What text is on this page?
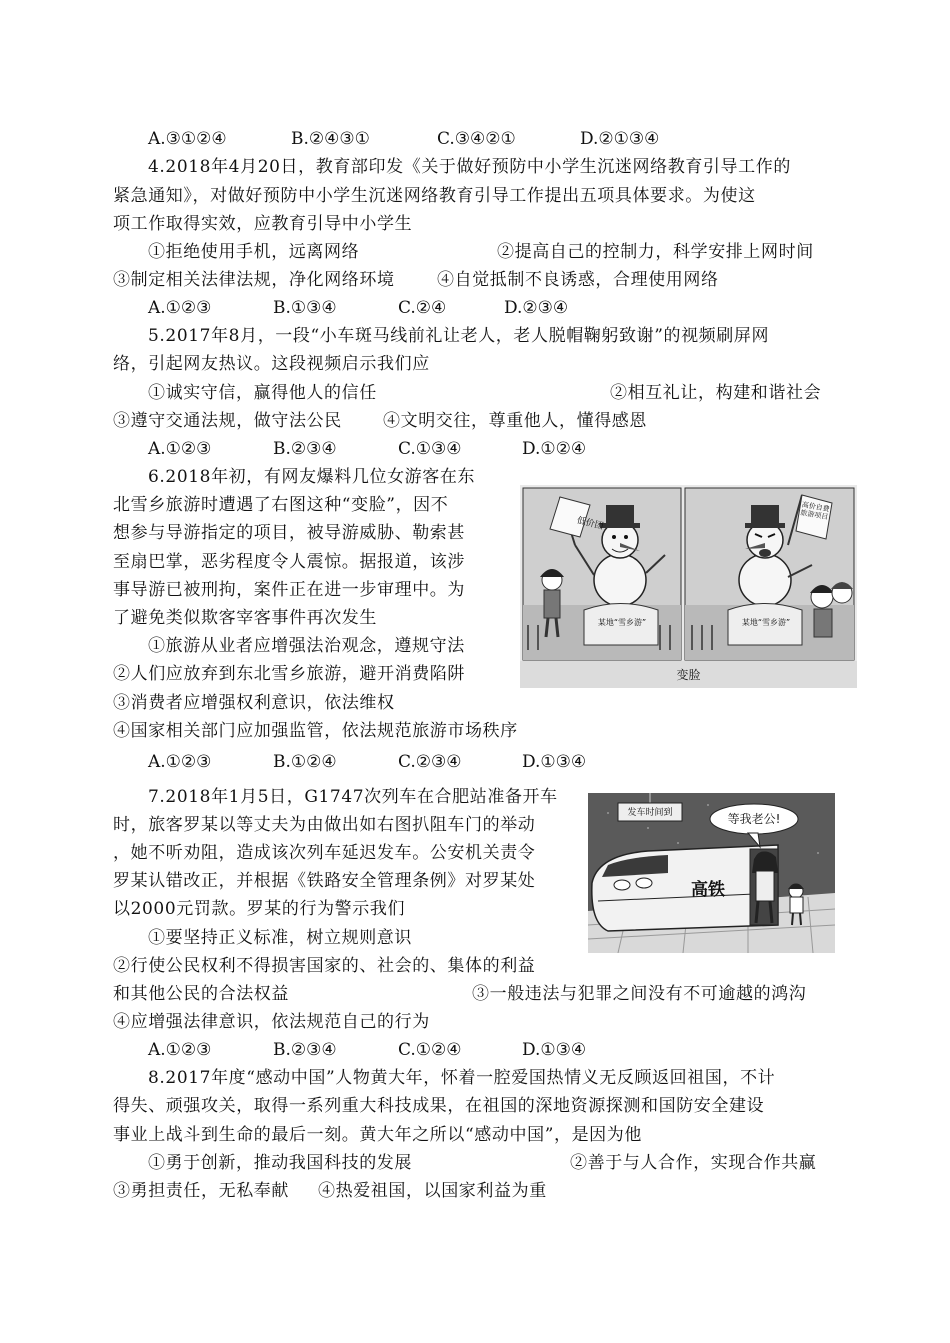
A.③①②④	B.②④③①	C.③④②①	D.②①③④
4.2018年4月20日，教育部印发《关于做好预防中小学生沉迷网络教育引导工作的
紧急通知》，对做好预防中小学生沉迷网络教育引导工作提出五项具体要求。为使这
项工作取得实效，应教育引导中小学生
①拒绝使用手机，远离网络	②提高自己的控制力，科学安排上网时间
③制定相关法律法规，净化网络环境 ④自觉抵制不良诱惑，合理使用网络
A.①②③	B.①③④	C.②④	D.②③④
5.2017年8月，一段“小车斑马线前礼让老人，老人脱帽鞠躬致谢”的视频刷屏网
络，引起网友热议。这段视频启示我们应
①诚实守信，赢得他人的信任	②相互礼让，构建和谐社会
③遵守交通法规，做守法公民 ④文明交往，尊重他人，懂得感恩
A.①②③	B.②③④	C.①③④	D.①②④
6.2018年初，有网友爆料几位女游客在东
北雪乡旅游时遭遇了右图这种“变脸”，因不
想参与导游指定的项目，被导游威胁、勒索甚
至扇巴掌，恶劣程度令人震惊。据报道，该涉
事导游已被刑拘，案件正在进一步审理中。为
了避免类似欺客宰客事件再次发生
①旅游从业者应增强法治观念，遵规守法
②人们应放弃到东北雪乡旅游，避开消费陷阱
③消费者应增强权利意识，依法维权
④国家相关部门应加强监管，依法规范旅游市场秩序
A.①②③	B.①②④	C.②③④	D.①③④
低价团
高价自费旅游项目
某地“雪乡游”	某地“雪乡游”
变脸
7.2018年1月5日，G1747次列车在合肥站准备开车
时，旅客罗某以等丈夫为由做出如右图扒阻车门的举动
，她不听劝阻，造成该次列车延迟发车。公安机关责令
罗某认错改正，并根据《铁路安全管理条例》对罗某处
以2000元罚款。罗某的行为警示我们
①要坚持正义标准，树立规则意识
②行使公民权利不得损害国家的、社会的、集体的利益
和其他公民的合法权益	③一般违法与犯罪之间没有不可逾越的鸿沟
④应增强法律意识，依法规范自己的行为
A.①②③	B.②③④	C.①②④	D.①③④
发车时间到	等我老公!
高铁
8.2017年度“感动中国”人物黄大年，怀着一腔爱国热情义无反顾返回祖国，不计
得失、顽强攻关，取得一系列重大科技成果，在祖国的深地资源探测和国防安全建设
事业上战斗到生命的最后一刻。黄大年之所以“感动中国”，是因为他
①勇于创新，推动我国科技的发展	②善于与人合作，实现合作共赢
③勇担责任，无私奉献 ④热爱祖国，以国家利益为重
